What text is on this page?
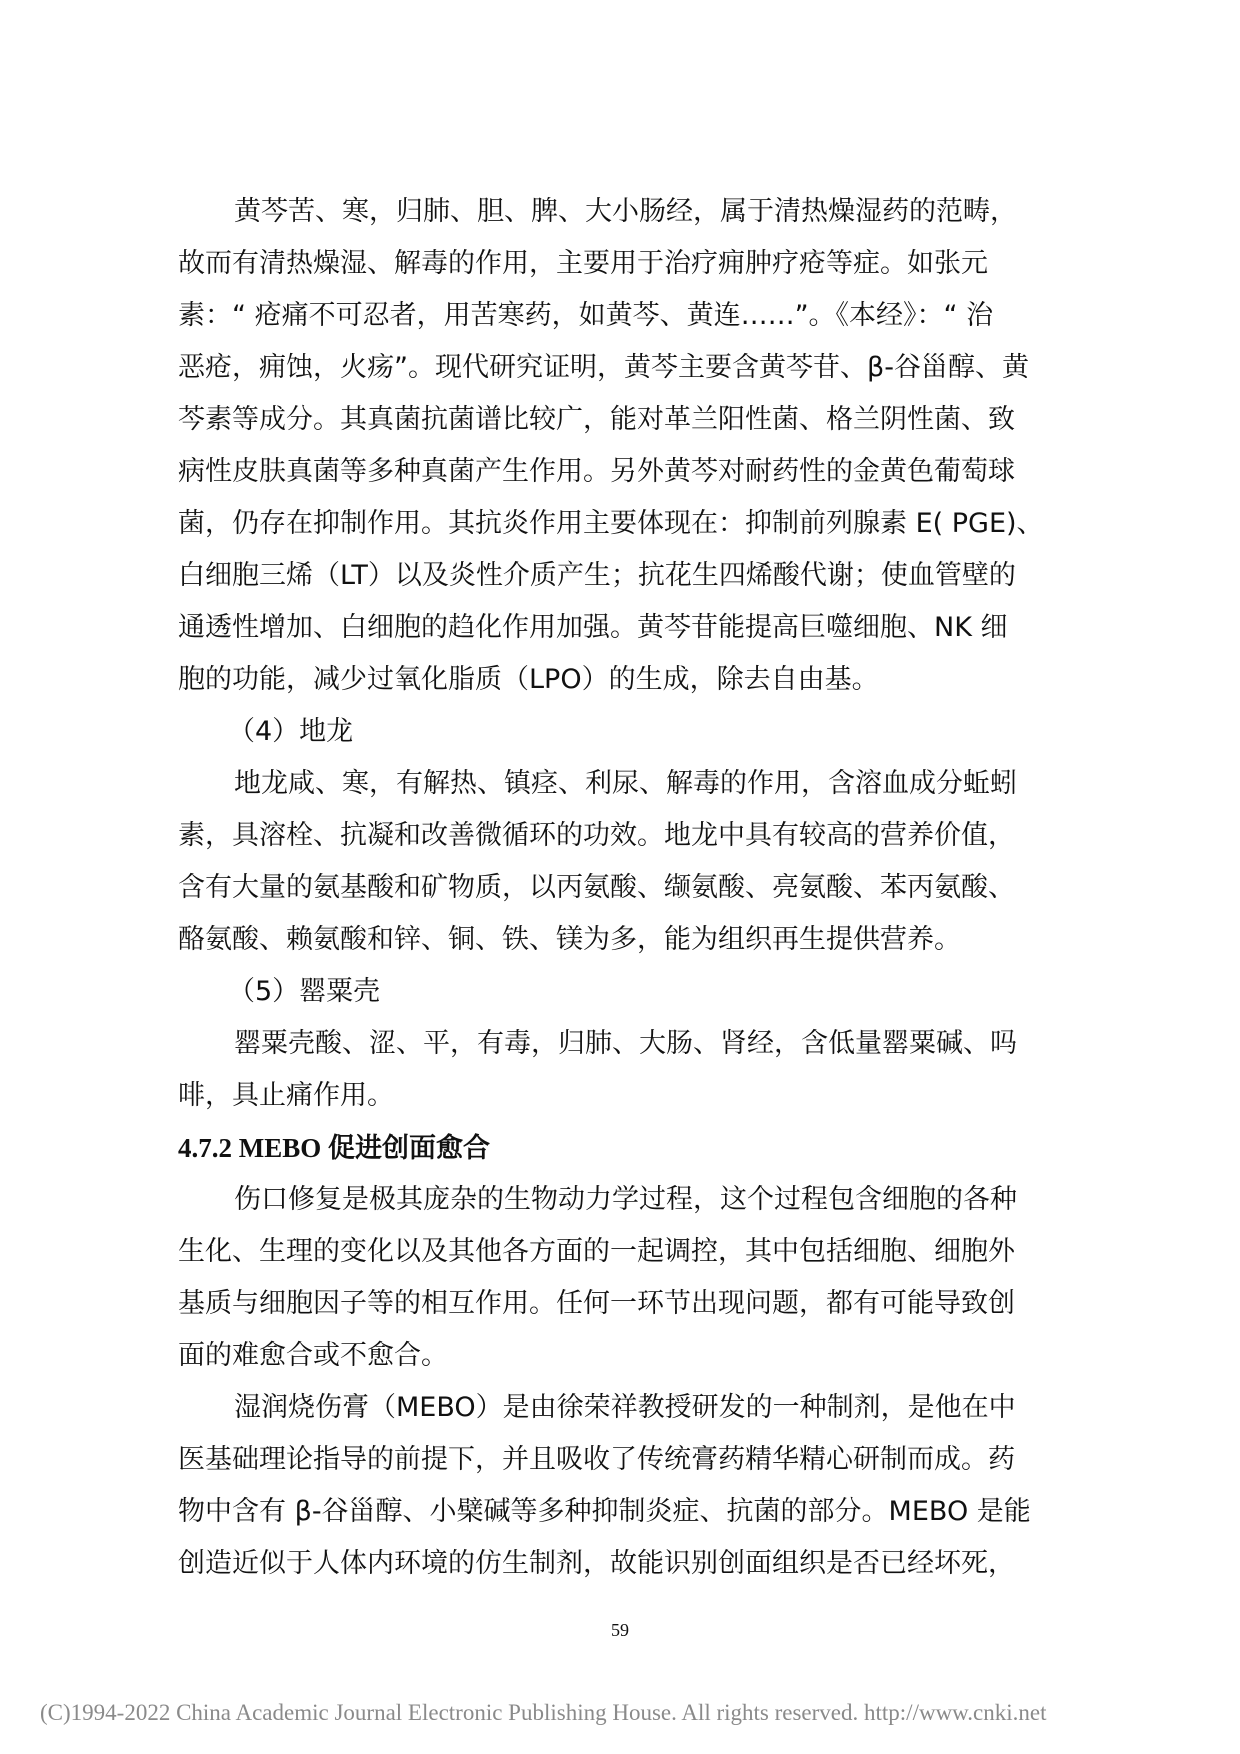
黄芩苦、寒，归肺、胆、脾、大小肠经，属于清热燥湿药的范畴，
故而有清热燥湿、解毒的作用，主要用于治疗痈肿疗疮等症。如张元
素：“ 疮痛不可忍者，用苦寒药，如黄芩、黄连……”。《本经》：“ 治
恶疮，痈蚀，火疡”。现代研究证明，黄芩主要含黄芩苷、β-谷甾醇、黄
芩素等成分。其真菌抗菌谱比较广，能对革兰阳性菌、格兰阴性菌、致
病性皮肤真菌等多种真菌产生作用。另外黄芩对耐药性的金黄色葡萄球
菌，仍存在抑制作用。其抗炎作用主要体现在：抑制前列腺素 E( PGE)、
白细胞三烯（LT）以及炎性介质产生；抗花生四烯酸代谢；使血管壁的
通透性增加、白细胞的趋化作用加强。黄芩苷能提高巨噬细胞、NK 细
胞的功能，减少过氧化脂质（LPO）的生成，除去自由基。
（4）地龙
地龙咸、寒，有解热、镇痉、利尿、解毒的作用，含溶血成分蚯蚓
素，具溶栓、抗凝和改善微循环的功效。地龙中具有较高的营养价值，
含有大量的氨基酸和矿物质，以丙氨酸、缬氨酸、亮氨酸、苯丙氨酸、
酪氨酸、赖氨酸和锌、铜、铁、镁为多，能为组织再生提供营养。
（5）罂粟壳
罂粟壳酸、涩、平，有毒，归肺、大肠、肾经，含低量罂粟碱、吗
啡，具止痛作用。
4.7.2 MEBO 促进创面愈合
伤口修复是极其庞杂的生物动力学过程，这个过程包含细胞的各种
生化、生理的变化以及其他各方面的一起调控，其中包括细胞、细胞外
基质与细胞因子等的相互作用。任何一环节出现问题，都有可能导致创
面的难愈合或不愈合。
湿润烧伤膏（MEBO）是由徐荣祥教授研发的一种制剂，是他在中
医基础理论指导的前提下，并且吸收了传统膏药精华精心研制而成。药
物中含有 β-谷甾醇、小檗碱等多种抑制炎症、抗菌的部分。MEBO 是能
创造近似于人体内环境的仿生制剂，故能识别创面组织是否已经坏死，
59
(C)1994-2022 China Academic Journal Electronic Publishing House. All rights reserved. http://www.cnki.net
